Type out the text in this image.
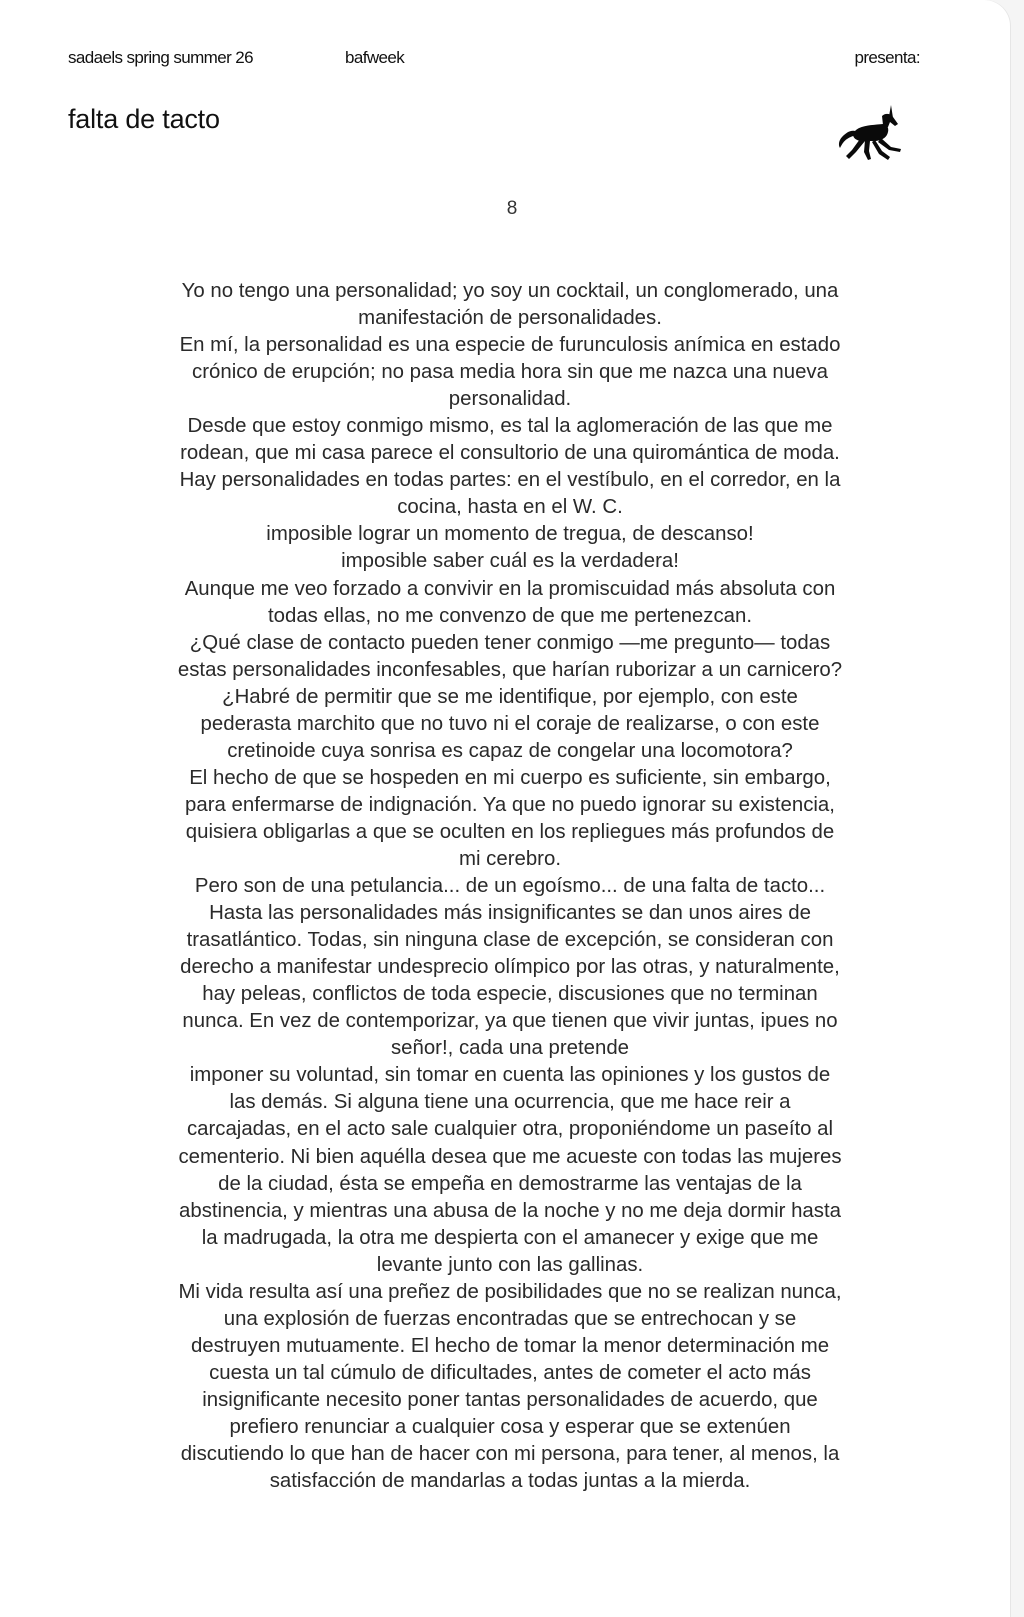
sadaels spring summer 26	bafweek	presenta:
falta de tacto
8

Yo no tengo una personalidad; yo soy un cocktail, un conglomerado, una

manifestación de personalidades.

En mí, la personalidad es una especie de furunculosis anímica en estado

crónico de erupción; no pasa media hora sin que me nazca una nueva

personalidad.

Desde que estoy conmigo mismo, es tal la aglomeración de las que me

rodean, que mi casa parece el consultorio de una quiromántica de moda.

Hay personalidades en todas partes: en el vestíbulo, en el corredor, en la

cocina, hasta en el W. C.

imposible lograr un momento de tregua, de descanso!

imposible saber cuál es la verdadera!

Aunque me veo forzado a convivir en la promiscuidad más absoluta con

todas ellas, no me convenzo de que me pertenezcan.

¿Qué clase de contacto pueden tener conmigo —me pregunto— todas

estas personalidades inconfesables, que harían ruborizar a un carnicero?

¿Habré de permitir que se me identifique, por ejemplo, con este

pederasta marchito que no tuvo ni el coraje de realizarse, o con este

cretinoide cuya sonrisa es capaz de congelar una locomotora?

El hecho de que se hospeden en mi cuerpo es suficiente, sin embargo,

para enfermarse de indignación. Ya que no puedo ignorar su existencia,

quisiera obligarlas a que se oculten en los repliegues más profundos de

mi cerebro.

Pero son de una petulancia... de un egoísmo... de una falta de tacto...

Hasta las personalidades más insignificantes se dan unos aires de

trasatlántico. Todas, sin ninguna clase de excepción, se consideran con

derecho a manifestar undesprecio olímpico por las otras, y naturalmente,

hay peleas, conflictos de toda especie, discusiones que no terminan

nunca. En vez de contemporizar, ya que tienen que vivir juntas, ipues no

señor!, cada una pretende

imponer su voluntad, sin tomar en cuenta las opiniones y los gustos de

las demás. Si alguna tiene una ocurrencia, que me hace reir a

carcajadas, en el acto sale cualquier otra, proponiéndome un paseíto al

cementerio. Ni bien aquélla desea que me acueste con todas las mujeres

de la ciudad, ésta se empeña en demostrarme las ventajas de la

abstinencia, y mientras una abusa de la noche y no me deja dormir hasta

la madrugada, la otra me despierta con el amanecer y exige que me

levante junto con las gallinas.

Mi vida resulta así una preñez de posibilidades que no se realizan nunca,

una explosión de fuerzas encontradas que se entrechocan y se

destruyen mutuamente. El hecho de tomar la menor determinación me

cuesta un tal cúmulo de dificultades, antes de cometer el acto más

insignificante necesito poner tantas personalidades de acuerdo, que

prefiero renunciar a cualquier cosa y esperar que se extenúen

discutiendo lo que han de hacer con mi persona, para tener, al menos, la

satisfacción de mandarlas a todas juntas a la mierda.
